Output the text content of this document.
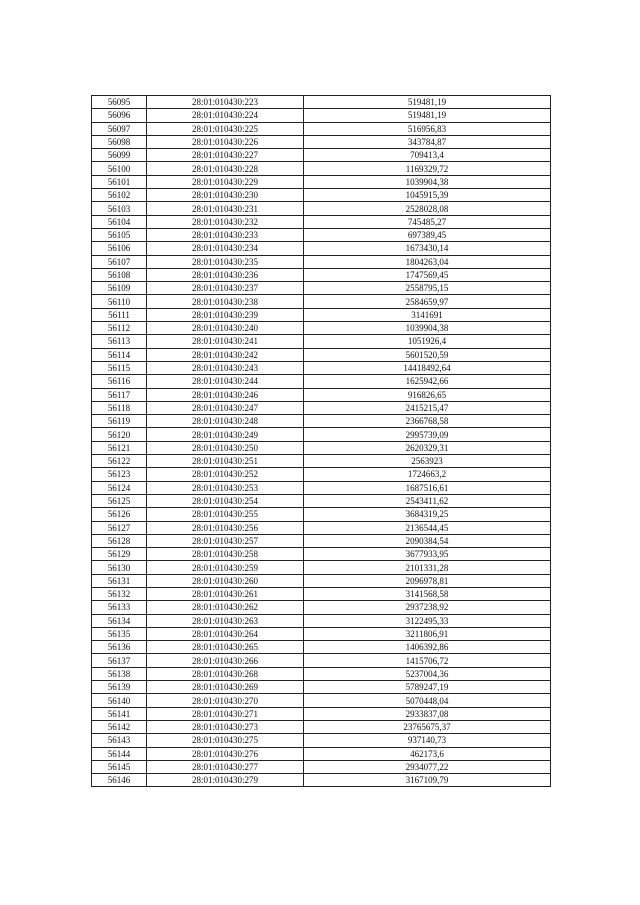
56095	28:01:010430:223	519481,19
56096	28:01:010430:224	519481,19
56097	28:01:010430:225	516956,83
56098	28:01:010430:226	343784,87
56099	28:01:010430:227	709413,4
56100	28:01:010430:228	1169329,72
56101	28:01:010430:229	1039904,38
56102	28:01:010430:230	1045915,39
56103	28:01:010430:231	2528028,08
56104	28:01:010430:232	745485,27
56105	28:01:010430:233	697389,45
56106	28:01:010430:234	1673430,14
56107	28:01:010430:235	1804263,04
56108	28:01:010430:236	1747569,45
56109	28:01:010430:237	2558795,15
56110	28:01:010430:238	2584659,97
56111	28:01:010430:239	3141691
56112	28:01:010430:240	1039904,38
56113	28:01:010430:241	1051926,4
56114	28:01:010430:242	5601520,59
56115	28:01:010430:243	14418492,64
56116	28:01:010430:244	1625942,66
56117	28:01:010430:246	916826,65
56118	28:01:010430:247	2415215,47
56119	28:01:010430:248	2366768,58
56120	28:01:010430:249	2995739,09
56121	28:01:010430:250	2620329,31
56122	28:01:010430:251	2563923
56123	28:01:010430:252	1724663,2
56124	28:01:010430:253	1687516,61
56125	28:01:010430:254	2543411,62
56126	28:01:010430:255	3684319,25
56127	28:01:010430:256	2136544,45
56128	28:01:010430:257	2090384,54
56129	28:01:010430:258	3677933,95
56130	28:01:010430:259	2101331,28
56131	28:01:010430:260	2096978,81
56132	28:01:010430:261	3141568,58
56133	28:01:010430:262	2937238,92
56134	28:01:010430:263	3122495,33
56135	28:01:010430:264	3211806,91
56136	28:01:010430:265	1406392,86
56137	28:01:010430:266	1415706,72
56138	28:01:010430:268	5237004,36
56139	28:01:010430:269	5789247,19
56140	28:01:010430:270	5070448,04
56141	28:01:010430:271	2933837,08
56142	28:01:010430:273	23765675,37
56143	28:01:010430:275	937140,73
56144	28:01:010430:276	462173,6
56145	28:01:010430:277	2934077,22
56146	28:01:010430:279	3167109,79
